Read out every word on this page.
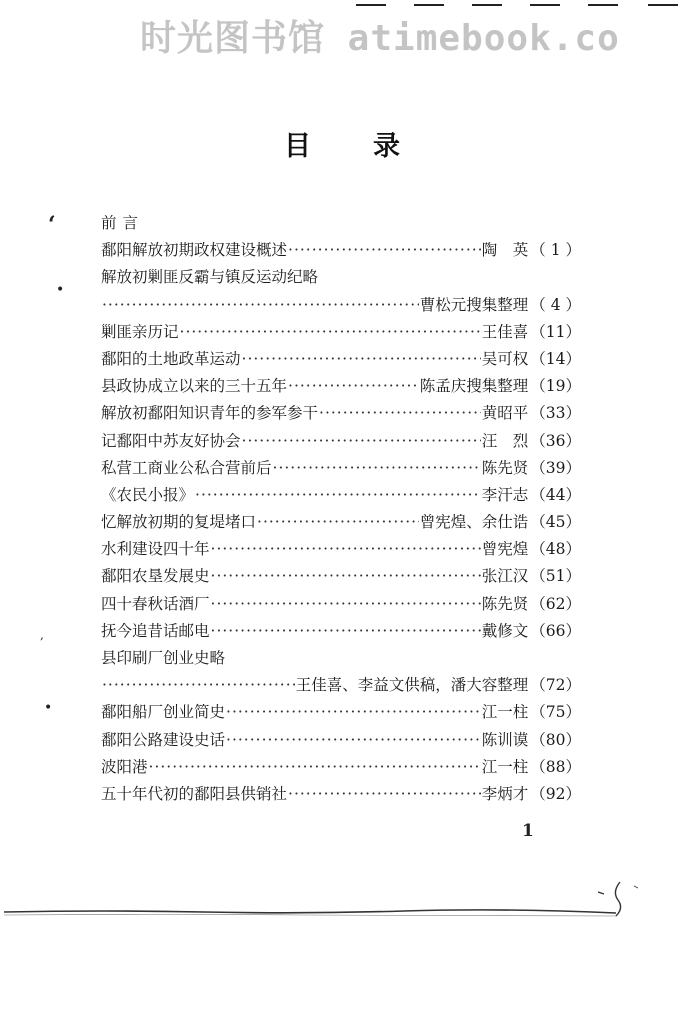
时光图书馆 atimebook.co
目录
‘
•
,
•
前言
鄱阳解放初期政权建设概述 ·····	陶　英 （ 1 ）
解放初剿匪反霸与镇反运动纪略
·····
曹松元搜集整理 （ 4 ）
剿匪亲历记 ·····	王佳喜 （11）
鄱阳的土地政革运动 ·····	吴可权 （14）
县政协成立以来的三十五年 ·····	陈孟庆搜集整理 （19）
解放初鄱阳知识青年的参军参干 ·····	黄昭平 （33）
记鄱阳中苏友好协会 ·····	汪　烈 （36）
私营工商业公私合营前后 ·····	陈先贤 （39）
《农民小报》 ·····	李汗志 （44）
忆解放初期的复堤堵口 ·····	曾宪煌、余仕诰 （45）
水利建设四十年 ·····	曾宪煌 （48）
鄱阳农垦发展史 ·····	张江汉 （51）
四十春秋话酒厂 ·····	陈先贤 （62）
抚今追昔话邮电 ·····	戴修文 （66）
县印刷厂创业史略
·····
王佳喜、李益文供稿，潘大容整理 （72）
鄱阳船厂创业简史 ·····	江一柱 （75）
鄱阳公路建设史话 ·····	陈训谟 （80）
波阳港 ·····	江一柱 （88）
五十年代初的鄱阳县供销社 ·····	李炳才 （92）
1
